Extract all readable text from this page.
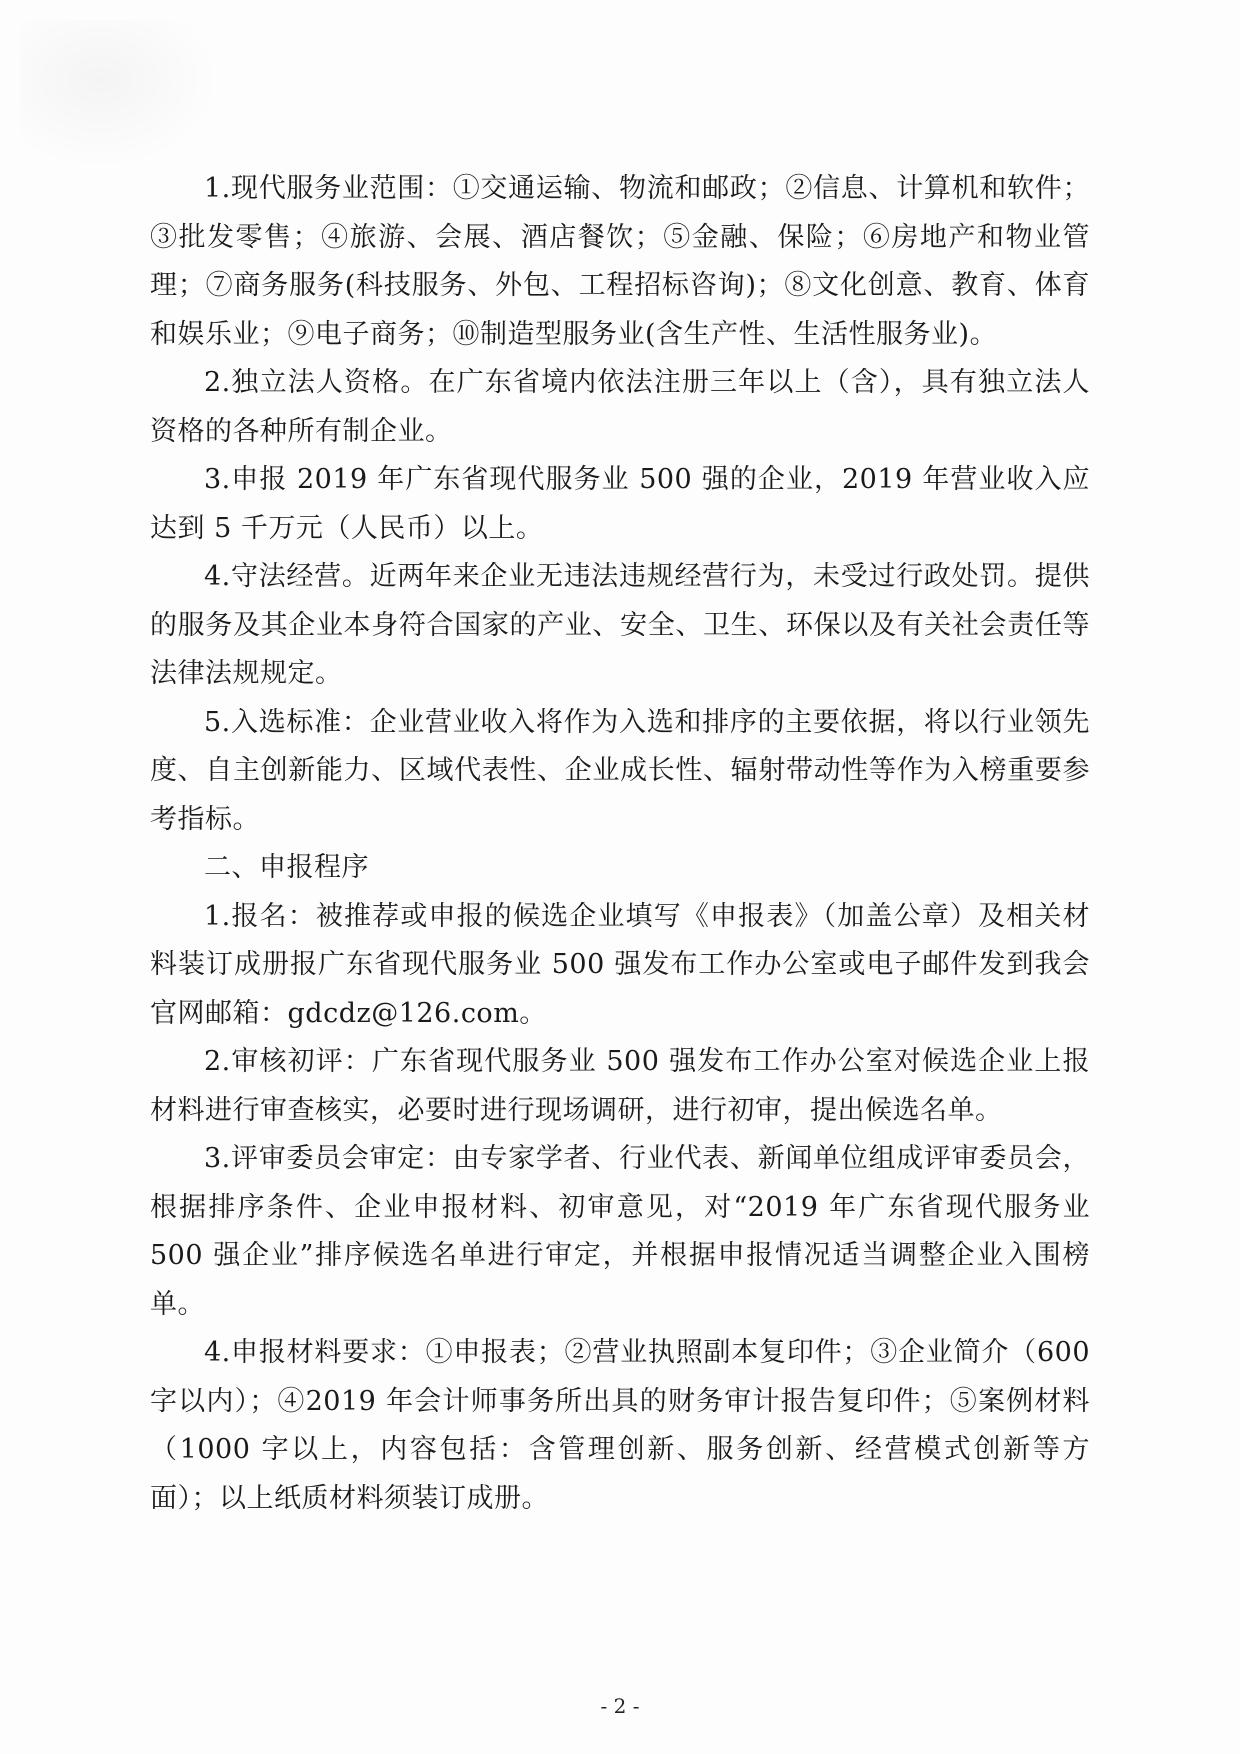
1.现代服务业范围：①交通运输、物流和邮政；②信息、计算机和软件；③批发零售；④旅游、会展、酒店餐饮；⑤金融、保险；⑥房地产和物业管理；⑦商务服务(科技服务、外包、工程招标咨询)；⑧文化创意、教育、体育和娱乐业；⑨电子商务；⑩制造型服务业(含生产性、生活性服务业)。

2.独立法人资格。在广东省境内依法注册三年以上（含），具有独立法人资格的各种所有制企业。

3.申报 2019 年广东省现代服务业 500 强的企业，2019 年营业收入应达到 5 千万元（人民币）以上。

4.守法经营。近两年来企业无违法违规经营行为，未受过行政处罚。提供的服务及其企业本身符合国家的产业、安全、卫生、环保以及有关社会责任等法律法规规定。

5.入选标准：企业营业收入将作为入选和排序的主要依据，将以行业领先度、自主创新能力、区域代表性、企业成长性、辐射带动性等作为入榜重要参考指标。

二、申报程序

1.报名：被推荐或申报的候选企业填写《申报表》（加盖公章）及相关材料装订成册报广东省现代服务业 500 强发布工作办公室或电子邮件发到我会官网邮箱：gdcdz@126.com。

2.审核初评：广东省现代服务业 500 强发布工作办公室对候选企业上报材料进行审查核实，必要时进行现场调研，进行初审，提出候选名单。

3.评审委员会审定：由专家学者、行业代表、新闻单位组成评审委员会，根据排序条件、企业申报材料、初审意见，对“2019 年广东省现代服务业 500 强企业”排序候选名单进行审定，并根据申报情况适当调整企业入围榜单。

4.申报材料要求：①申报表；②营业执照副本复印件；③企业简介（600 字以内）；④2019 年会计师事务所出具的财务审计报告复印件；⑤案例材料（1000 字以上，内容包括：含管理创新、服务创新、经营模式创新等方面）；以上纸质材料须装订成册。

- 2 -
